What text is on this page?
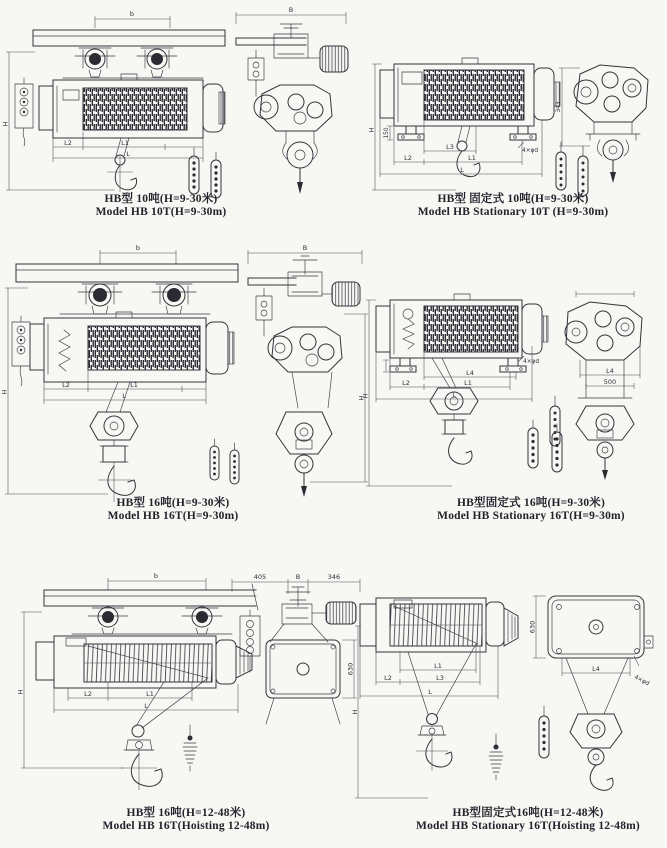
b
H
L2	L1
L
B
4×φd
150
H
L3
L2	L1
L
343
b
H
L2	L1
L
B
H
4×φd
H
L4
L2	L1
L
L4
500
b
H	L2	L1
L
405	B	346
630
H
L1
L2	L3
L
630
L4
4×φd
HB型 10吨(H=9-30米)
Model HB 10T(H=9-30m)
HB型 固定式 10吨(H=9-30米)
Model HB Stationary 10T (H=9-30m)
HB型 16吨(H=9-30米)
Model HB 16T(H=9-30m)
HB型固定式 16吨(H=9-30米)
Model HB Stationary 16T(H=9-30m)
HB型 16吨(H=12-48米)
Model HB 16T(Hoisting 12-48m)
HB型固定式16吨(H=12-48米)
Model HB Stationary 16T(Hoisting 12-48m)
